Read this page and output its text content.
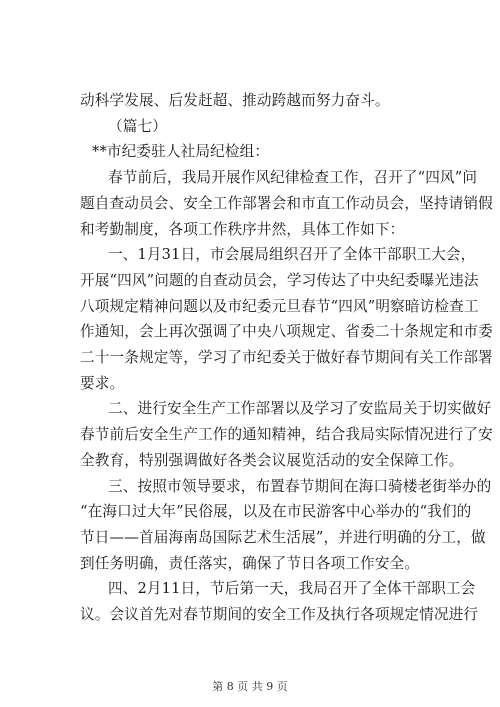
动科学发展、后发赶超、推动跨越而努力奋斗。
（篇七）
**市纪委驻人社局纪检组：
春节前后，我局开展作风纪律检查工作，召开了“四风”问
题自查动员会、安全工作部署会和市直工作动员会，坚持请销假
和考勤制度，各项工作秩序井然，具体工作如下：
一、1月31日，市会展局组织召开了全体干部职工大会，
开展“四风”问题的自查动员会，学习传达了中央纪委曝光违法
八项规定精神问题以及市纪委元旦春节“四风”明察暗访检查工
作通知，会上再次强调了中央八项规定、省委二十条规定和市委
二十一条规定等，学习了市纪委关于做好春节期间有关工作部署
要求。
二、进行安全生产工作部署以及学习了安监局关于切实做好
春节前后安全生产工作的通知精神，结合我局实际情况进行了安
全教育，特别强调做好各类会议展览活动的安全保障工作。
三、按照市领导要求，布置春节期间在海口骑楼老街举办的
“在海口过大年”民俗展，以及在市民游客中心举办的“我们的
节日——首届海南岛国际艺术生活展”，并进行明确的分工，做
到任务明确，责任落实，确保了节日各项工作安全。
四、2月11日，节后第一天，我局召开了全体干部职工会
议。会议首先对春节期间的安全工作及执行各项规定情况进行
第 8 页 共 9 页
